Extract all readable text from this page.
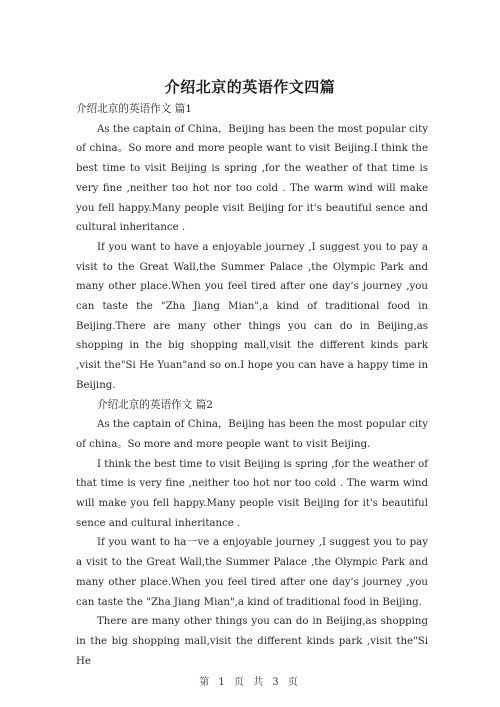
介绍北京的英语作文四篇

介绍北京的英语作文 篇1

As the captain of China，Beijing has been the most popular city of china。So more and more people want to visit Beijing.I think the best time to visit Beijing is spring ,for the weather of that time is very fine ,neither too hot nor too cold . The warm wind will make you fell happy.Many people visit Beijing for it's beautiful sence and cultural inheritance .

If you want to have a enjoyable journey ,I suggest you to pay a visit to the Great Wall,the Summer Palace ,the Olympic Park and many other place.When you feel tired after one day's journey ,you can taste the "Zha Jiang Mian",a kind of traditional food in Beijing.There are many other things you can do in Beijing,as shopping in the big shopping mall,visit the different kinds park ,visit the"Si He Yuan"and so on.I hope you can have a happy time in Beijing.

介绍北京的英语作文 篇2

As the captain of China，Beijing has been the most popular city of china。So more and more people want to visit Beijing.

I think the best time to visit Beijing is spring ,for the weather of that time is very fine ,neither too hot nor too cold . The warm wind will make you fell happy.Many people visit Beijing for it's beautiful sence and cultural inheritance .

If you want to ha一ve a enjoyable journey ,I suggest you to pay a visit to the Great Wall,the Summer Palace ,the Olympic Park and many other place.When you feel tired after one day's journey ,you can taste the "Zha Jiang Mian",a kind of traditional food in Beijing.

There are many other things you can do in Beijing,as shopping in the big shopping mall,visit the different kinds park ,visit the"Si He

第 1 页 共 3 页
